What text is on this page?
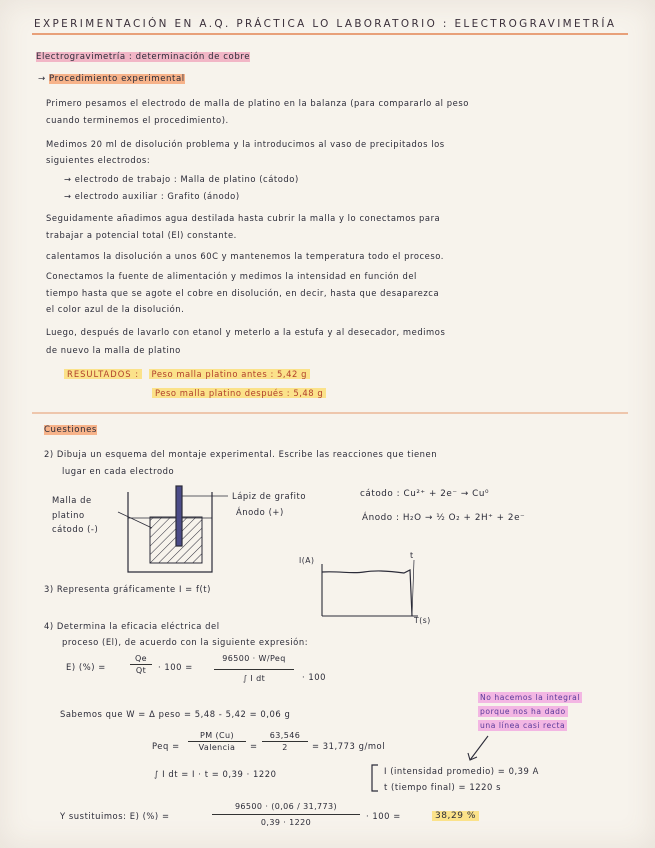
EXPERIMENTACIÓN EN A.Q. PRÁCTICA LO LABORATORIO : ELECTROGRAVIMETRÍA
Electrogravimetría : determinación de cobre
→ Procedimiento experimental
Primero pesamos el electrodo de malla de platino en la balanza (para compararlo al peso
cuando terminemos el procedimiento).
Medimos 20 ml de disolución problema y la introducimos al vaso de precipitados los
siguientes electrodos:
→ electrodo de trabajo : Malla de platino (cátodo)
→ electrodo auxiliar : Grafito (ánodo)
Seguidamente añadimos agua destilada hasta cubrir la malla y lo conectamos para
trabajar a potencial total (El) constante.
calentamos la disolución a unos 60C y mantenemos la temperatura todo el proceso.
Conectamos la fuente de alimentación y medimos la intensidad en función del
tiempo hasta que se agote el cobre en disolución, en decir, hasta que desaparezca
el color azul de la disolución.
Luego, después de lavarlo con etanol y meterlo a la estufa y al desecador, medimos
de nuevo la malla de platino
RESULTADOS : Peso malla platino antes : 5,42 g
Peso malla platino después : 5,48 g
Cuestiones
2) Dibuja un esquema del montaje experimental. Escribe las reacciones que tienen
lugar en cada electrodo
Malla de
platino
cátodo (-)
Lápiz de grafito
Ánodo (+)
cátodo : Cu²⁺ + 2e⁻ → Cu⁰
Ánodo : H₂O → ½ O₂ + 2H⁺ + 2e⁻
I(A)
t
T(s)
3) Representa gráficamente I = f(t)
4) Determina la eficacia eléctrica del
proceso (El), de acuerdo con la siguiente expresión:
E) (%) =
Qe
Qt	· 100 =
96500 · W/Peq
∫ I dt	· 100
No hacemos la integral
porque nos ha dado
una línea casi recta
Sabemos que W = Δ peso = 5,48 - 5,42 = 0,06 g
Peq =
PM (Cu)
Valencia	=
63,546
2	= 31,773 g/mol
∫ I dt = I · t = 0,39 · 1220	I (intensidad promedio) = 0,39 A
t (tiempo final) = 1220 s
Y sustituimos: E) (%) =
96500 · (0,06 / 31,773)
0,39 · 1220
· 100 =	38,29 %
